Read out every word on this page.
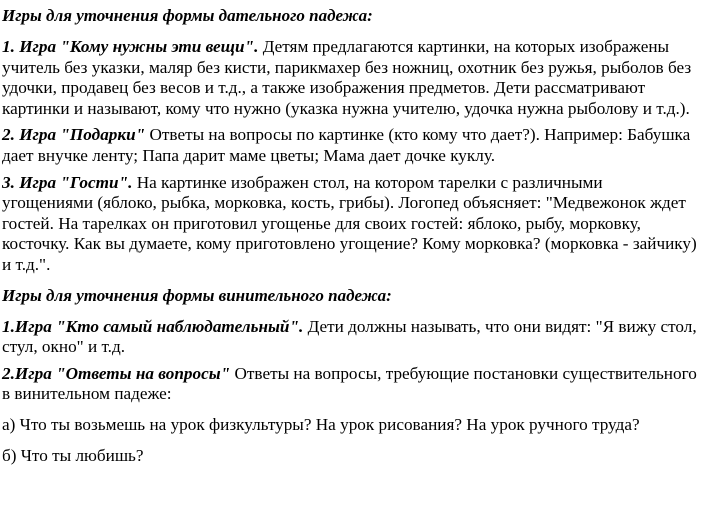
Игры для уточнения формы дательного падежа:

1. Игра "Кому нужны эти вещи". Детям предлагаются картинки, на которых изображены учитель без указки, маляр без кисти, парикмахер без ножниц, охотник без ружья, рыболов без удочки, продавец без весов и т.д., а также изображения предметов. Дети рассматривают картинки и называют, кому что нужно (указка нужна учителю, удочка нужна рыболову и т.д.).

2. Игра "Подарки" Ответы на вопросы по картинке (кто кому что дает?). Например: Бабушка дает внучке ленту; Папа дарит маме цветы; Мама дает дочке куклу.

3. Игра "Гости". На картинке изображен стол, на котором тарелки с различными угощениями (яблоко, рыбка, морковка, кость, грибы). Логопед объясняет: "Медвежонок ждет гостей. На тарелках он приготовил угощенье для своих гостей: яблоко, рыбу, морковку, косточку. Как вы думаете, кому приготовлено угощение? Кому морковка? (морковка - зайчику) и т.д.".

Игры для уточнения формы винительного падежа:

1.Игра "Кто самый наблюдательный". Дети должны называть, что они видят: "Я вижу стол, стул, окно" и т.д.

2.Игра "Ответы на вопросы" Ответы на вопросы, требующие постановки существительного в винительном падеже:

а) Что ты возьмешь на урок физкультуры? На урок рисования? На урок ручного труда?

б) Что ты любишь?
